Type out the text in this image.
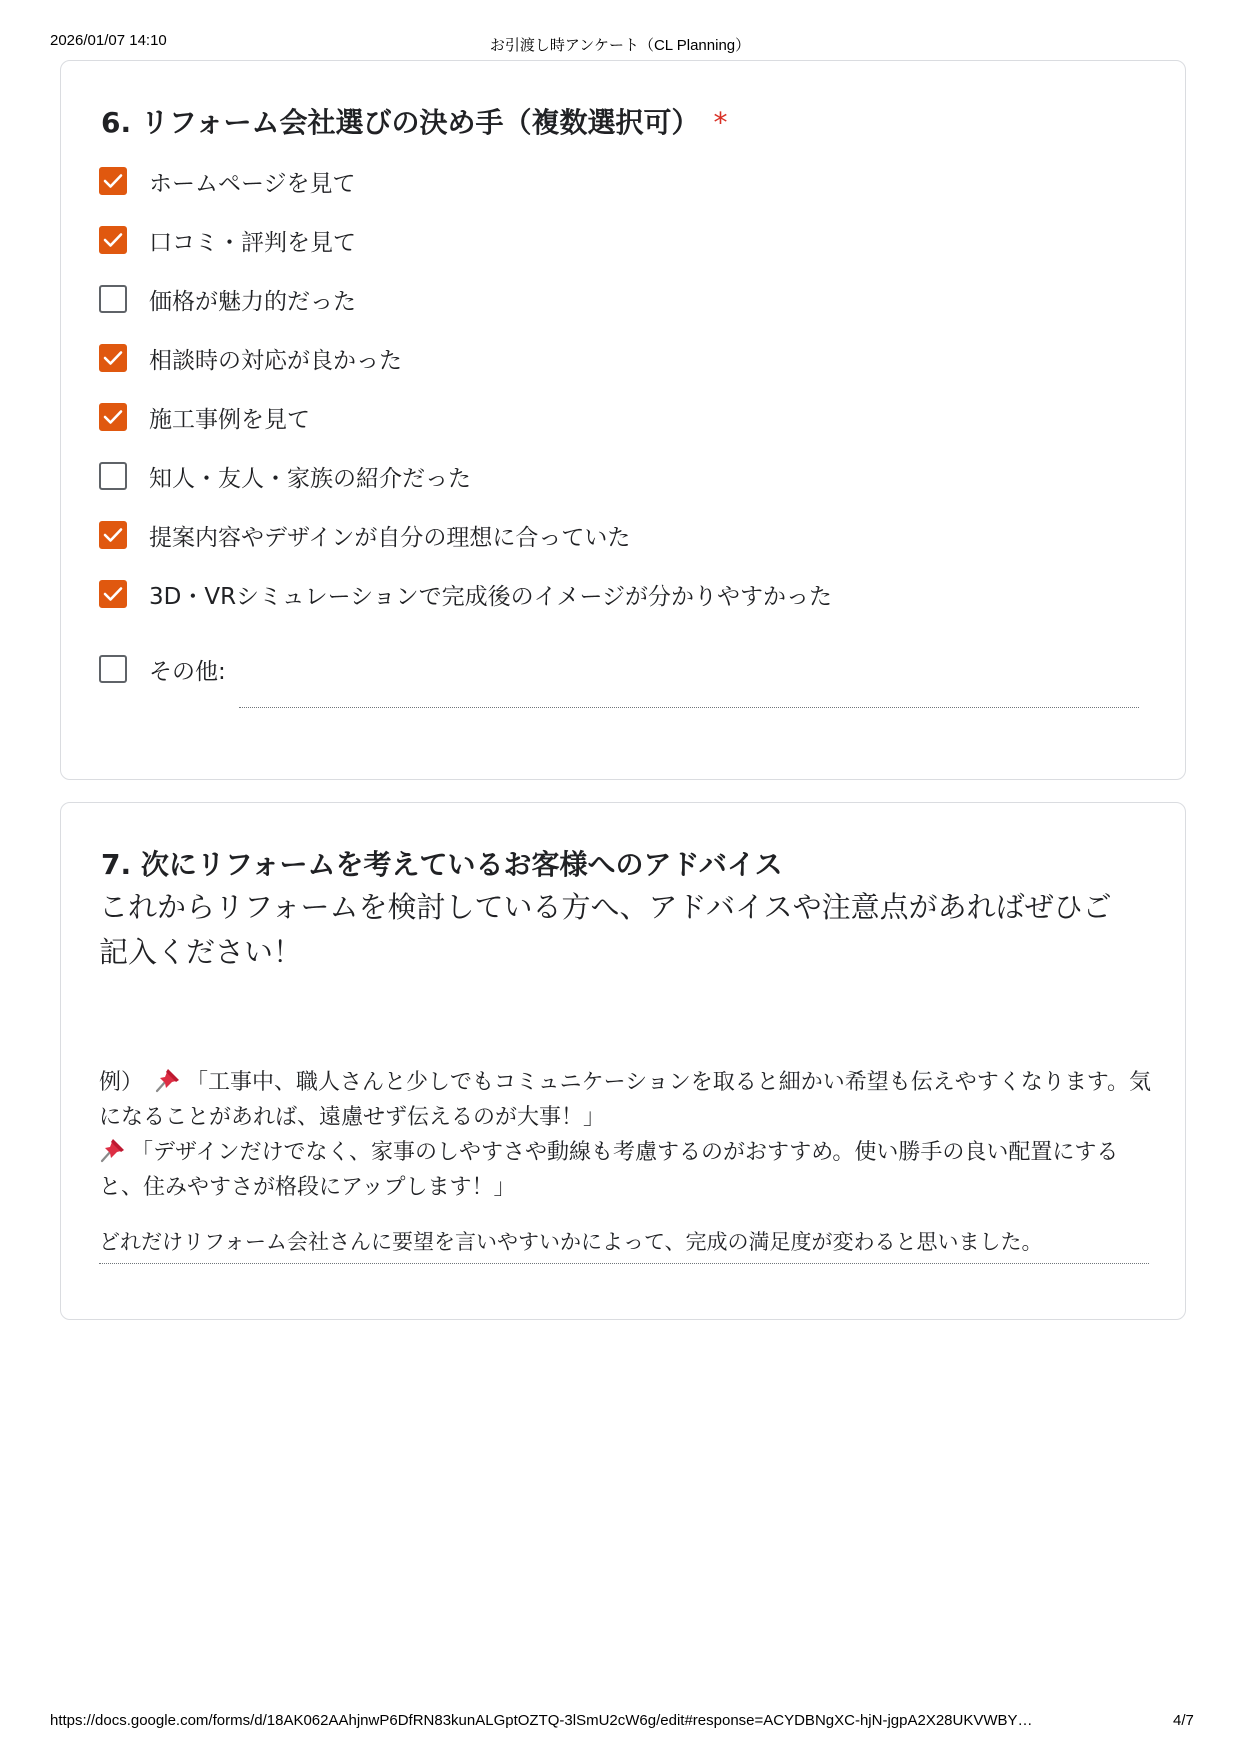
2026/01/07 14:10	お引渡し時アンケート（CL Planning）
6. リフォーム会社選びの決め手（複数選択可） *
ホームページを見て
口コミ・評判を見て
価格が魅力的だった
相談時の対応が良かった
施工事例を見て
知人・友人・家族の紹介だった
提案内容やデザインが自分の理想に合っていた
3D・VRシミュレーションで完成後のイメージが分かりやすかった
その他:
7. 次にリフォームを考えているお客様へのアドバイス
これからリフォームを検討している方へ、アドバイスや注意点があればぜひご記入ください！
例） 「工事中、職人さんと少しでもコミュニケーションを取ると細かい希望も伝えやすくなります。気になることがあれば、遠慮せず伝えるのが大事！」
「デザインだけでなく、家事のしやすさや動線も考慮するのがおすすめ。使い勝手の良い配置にすると、住みやすさが格段にアップします！」
どれだけリフォーム会社さんに要望を言いやすいかによって、完成の満足度が変わると思いました。
https://docs.google.com/forms/d/18AK062AAhjnwP6DfRN83kunALGptOZTQ-3lSmU2cW6g/edit#response=ACYDBNgXC-hjN-jgpA2X28UKVWBY…	4/7
